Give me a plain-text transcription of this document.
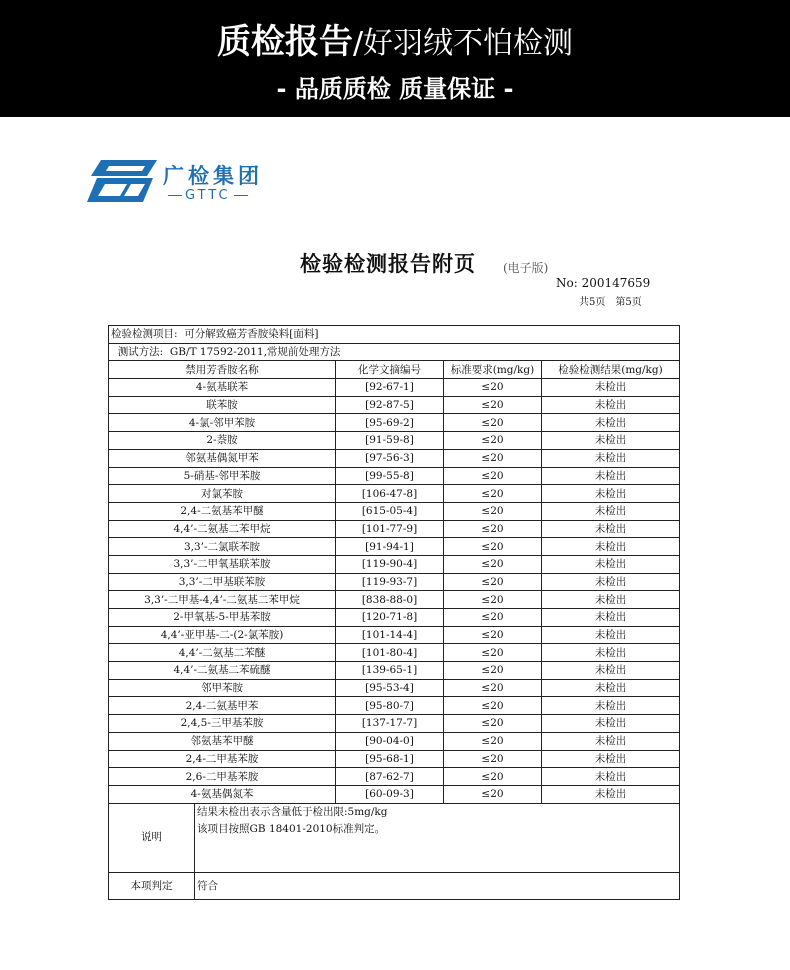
质检报告/好羽绒不怕检测
- 品质质检 质量保证 -
广检集团
GTTC
检验检测报告附页 (电子版)
No: 200147659
共5页　第5页
检验检测项目: 可分解致癌芳香胺染料[面料]				
测试方法: GB/T 17592-2011,常规前处理方法				
禁用芳香胺名称		化学文摘编号	标准要求(mg/kg)	检验检测结果(mg/kg)
4-氨基联苯		[92-67-1]	≤20	未检出
联苯胺		[92-87-5]	≤20	未检出
4-氯-邻甲苯胺		[95-69-2]	≤20	未检出
2-萘胺		[91-59-8]	≤20	未检出
邻氨基偶氮甲苯		[97-56-3]	≤20	未检出
5-硝基-邻甲苯胺		[99-55-8]	≤20	未检出
对氯苯胺		[106-47-8]	≤20	未检出
2,4-二氨基苯甲醚		[615-05-4]	≤20	未检出
4,4’-二氨基二苯甲烷		[101-77-9]	≤20	未检出
3,3’-二氯联苯胺		[91-94-1]	≤20	未检出
3,3’-二甲氧基联苯胺		[119-90-4]	≤20	未检出
3,3’-二甲基联苯胺		[119-93-7]	≤20	未检出
3,3’-二甲基-4,4’-二氨基二苯甲烷		[838-88-0]	≤20	未检出
2-甲氧基-5-甲基苯胺		[120-71-8]	≤20	未检出
4,4’-亚甲基-二-(2-氯苯胺)		[101-14-4]	≤20	未检出
4,4’-二氨基二苯醚		[101-80-4]	≤20	未检出
4,4’-二氨基二苯硫醚		[139-65-1]	≤20	未检出
邻甲苯胺		[95-53-4]	≤20	未检出
2,4-二氨基甲苯		[95-80-7]	≤20	未检出
2,4,5-三甲基苯胺		[137-17-7]	≤20	未检出
邻氨基苯甲醚		[90-04-0]	≤20	未检出
2,4-二甲基苯胺		[95-68-1]	≤20	未检出
2,6-二甲基苯胺		[87-62-7]	≤20	未检出
4-氨基偶氮苯		[60-09-3]	≤20	未检出
说明	结果未检出表示含量低于检出限:5mg/kg
该项目按照GB 18401-2010标准判定。			

本项判定	符合			
